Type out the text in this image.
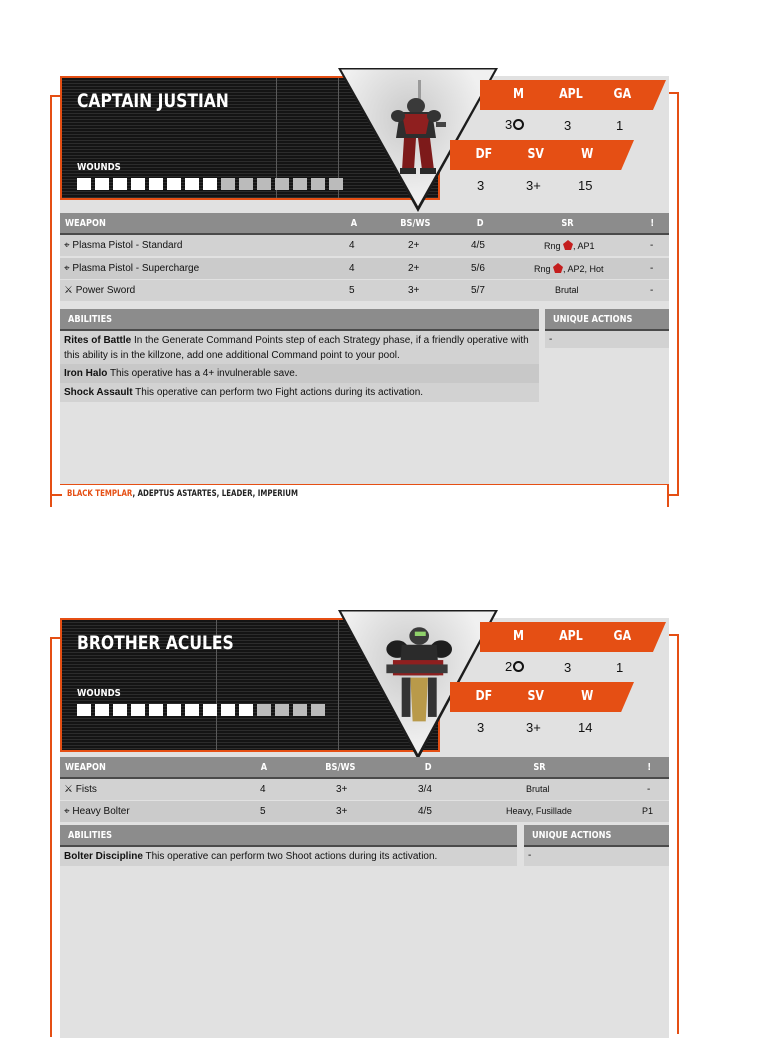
CAPTAIN JUSTIAN
WOUNDS
M	APL GA
3	3	1
DF	SV	W
3	3+	15
WEAPON	A	BS/WS	D	SR	!
⌖ Plasma Pistol - Standard	4	2+	4/5	Rng , AP1	-
⌖ Plasma Pistol - Supercharge	4	2+	5/6	Rng , AP2, Hot	-
⚔ Power Sword	5	3+	5/7	Brutal	-
ABILITIES	UNIQUE ACTIONS
Rites of Battle In the Generate Command Points step of each Strategy phase, if a friendly operative with this ability is in the killzone, add one additional Command point to your pool.
Iron Halo This operative has a 4+ invulnerable save.
Shock Assault This operative can perform two Fight actions during its activation.
-
BLACK TEMPLAR, ADEPTUS ASTARTES, LEADER, IMPERIUM
BROTHER ACULES
WOUNDS
M	APL GA
2	3	1
DF	SV	W
3	3+	14
WEAPON	A	BS/WS	D	SR	!
⚔ Fists	4	3+	3/4	Brutal	-
⌖ Heavy Bolter	5	3+	4/5	Heavy, Fusillade	P1
ABILITIES	UNIQUE ACTIONS
Bolter Discipline This operative can perform two Shoot actions during its activation.	-
